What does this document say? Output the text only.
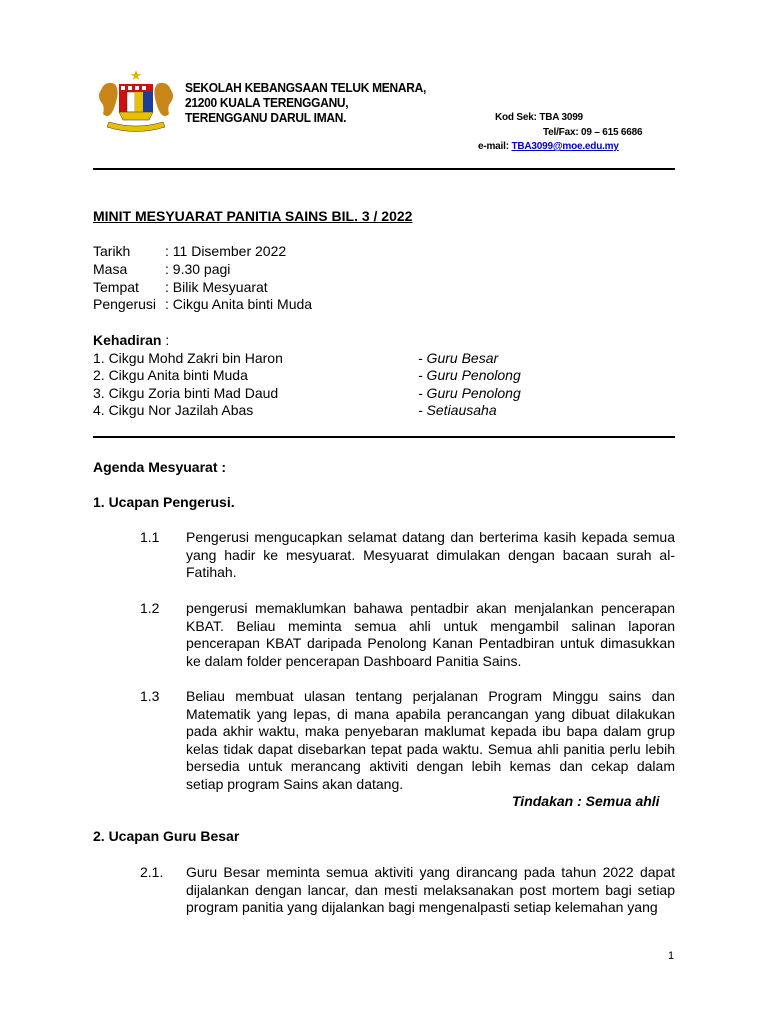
SEKOLAH KEBANGSAAN TELUK MENARA,
21200 KUALA TERENGGANU,
TERENGGANU DARUL IMAN.	Kod Sek: TBA 3099
Tel/Fax: 09 – 615 6686
e-mail: TBA3099@moe.edu.my
MINIT MESYUARAT PANITIA SAINS BIL. 3 / 2022
Tarikh : 11 Disember 2022
Masa	: 9.30 pagi
Tempat : Bilik Mesyuarat
Pengerusi : Cikgu Anita binti Muda
Kehadiran :
1. Cikgu Mohd Zakri bin Haron	- Guru Besar
2. Cikgu Anita binti Muda	- Guru Penolong
3. Cikgu Zoria binti Mad Daud	- Guru Penolong
4. Cikgu Nor Jazilah Abas	- Setiausaha
Agenda Mesyuarat :
1. Ucapan Pengerusi.
1.1 Pengerusi mengucapkan selamat datang dan berterima kasih kepada semua yang hadir ke mesyuarat. Mesyuarat dimulakan dengan bacaan surah al-Fatihah.
1.2 pengerusi memaklumkan bahawa pentadbir akan menjalankan pencerapan KBAT. Beliau meminta semua ahli untuk mengambil salinan laporan pencerapan KBAT daripada Penolong Kanan Pentadbiran untuk dimasukkan ke dalam folder pencerapan Dashboard Panitia Sains.
1.3 Beliau membuat ulasan tentang perjalanan Program Minggu sains dan Matematik yang lepas, di mana apabila perancangan yang dibuat dilakukan pada akhir waktu, maka penyebaran maklumat kepada ibu bapa dalam grup kelas tidak dapat disebarkan tepat pada waktu. Semua ahli panitia perlu lebih bersedia untuk merancang aktiviti dengan lebih kemas dan cekap dalam setiap program Sains akan datang.
Tindakan : Semua ahli
2. Ucapan Guru Besar
2.1. Guru Besar meminta semua aktiviti yang dirancang pada tahun 2022 dapat dijalankan dengan lancar, dan mesti melaksanakan post mortem bagi setiap program panitia yang dijalankan bagi mengenalpasti setiap kelemahan yang
1
